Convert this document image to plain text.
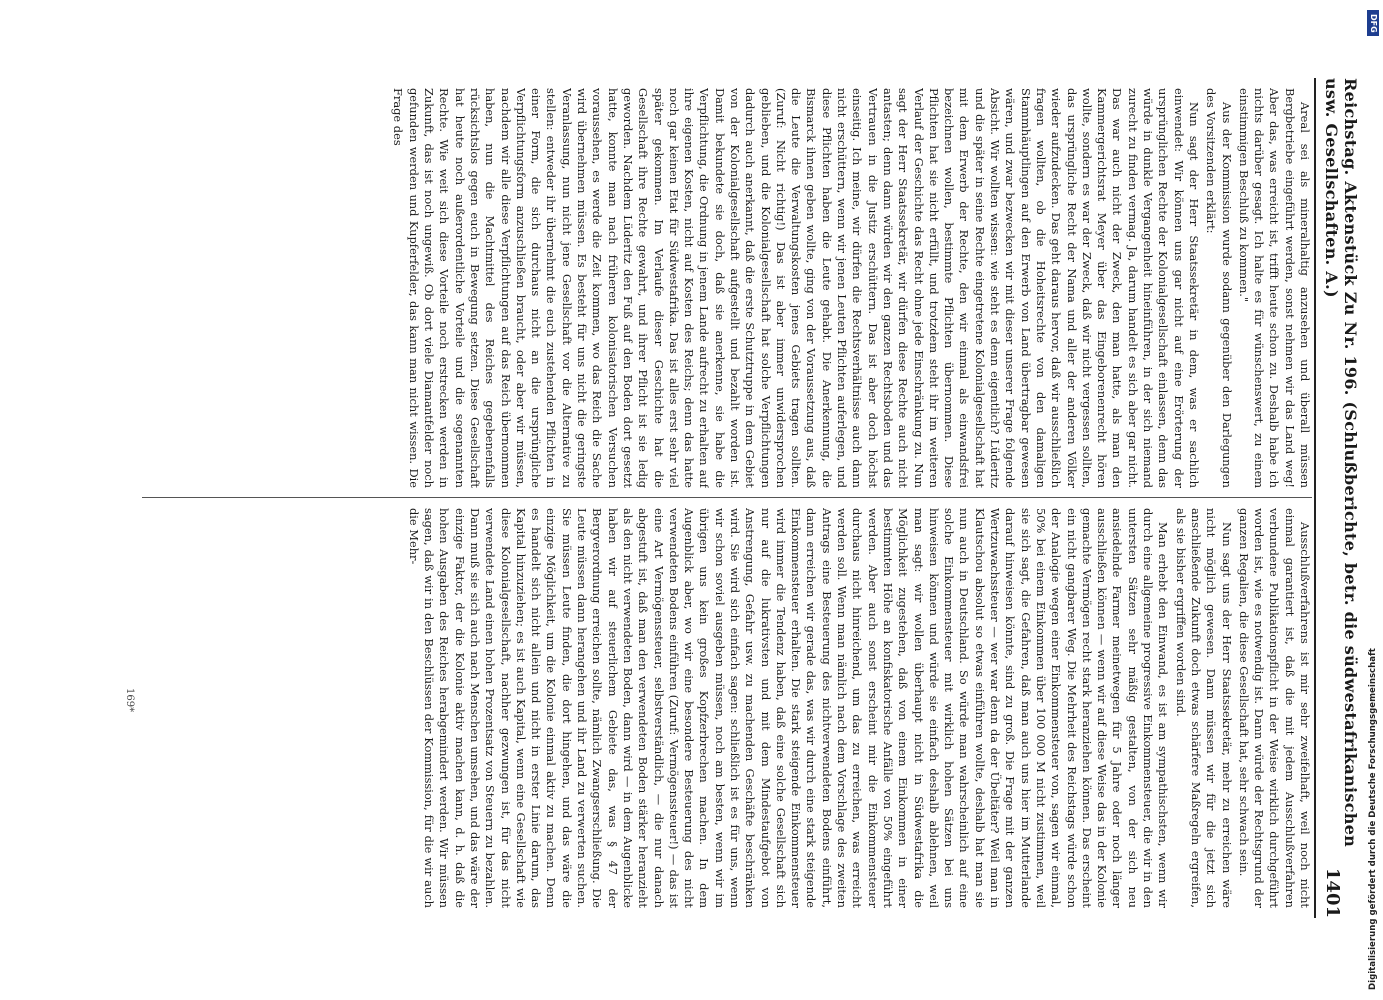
Reichstag. Aktenstück Zu Nr. 196. (Schlußberichte, betr. die südwestafrikanischen usw. Gesellschaften. A.)
1401

Areal sei als mineralhaltig anzusehen und überall müssen Bergbetriebe eingeführt werden, sonst nehmen wir das Land weg! Aber das, was erreicht ist, trifft heute schon zu. Deshalb habe ich nichts darüber gesagt. Ich halte es für wünschenswert, zu einem einstimmigen Beschluß zu kommen."

Aus der Kommission wurde sodann gegenüber den Darlegungen des Vorsitzenden erklärt:

Nun sagt der Herr Staatssekretär in dem, was er sachlich einwendet: Wir können uns gar nicht auf eine Erörterung der ursprünglichen Rechte der Kolonialgesellschaft einlassen, denn das würde in dunkle Vergangenheit hineinführen, in der sich niemand zurecht zu finden vermag. Ja, darum handelt es sich aber gar nicht. Das war auch nicht der Zweck, den man hatte, als man den Kammergerichtsrat Meyer über das Eingeborenenrecht hören wollte, sondern es war der Zweck, daß wir nicht vergessen sollten, das ursprüngliche Recht der Nama und aller der anderen Völker wieder aufzudecken. Das geht daraus hervor, daß wir ausschließlich fragen wollten, ob die Hoheitsrechte von den damaligen Stammhäuptlingen auf den Erwerb von Land übertragbar gewesen wären, und zwar bezwecken wir mit dieser unserer Frage folgende Absicht. Wir wollten wissen: wie steht es denn eigentlich? Lüderitz und die später in seine Rechte eingetretene Kolonialgesellschaft hat mit dem Erwerb der Rechte, den wir einmal als einwandsfrei bezeichnen wollen, bestimmte Pflichten übernommen. Diese Pflichten hat sie nicht erfüllt, und trotzdem steht ihr im weiteren Verlauf der Geschichte das Recht ohne jede Einschränkung zu. Nun sagt der Herr Staatssekretär, wir dürfen diese Rechte auch nicht antasten; denn dann würden wir den ganzen Rechtsboden und das Vertrauen in die Justiz erschüttern. Das ist aber doch höchst einseitig. Ich meine, wir dürfen die Rechtsverhältnisse auch dann nicht erschüttern, wenn wir jenen Leuten Pflichten auferlegen, und diese Pflichten haben die Leute gehabt. Die Anerkennung, die Bismarck ihnen geben wollte, ging von der Voraussetzung aus, daß die Leute die Verwaltungskosten jenes Gebiets tragen sollten. (Zuruf: Nicht richtig!) Das ist aber immer unwidersprochen geblieben, und die Kolonialgesellschaft hat solche Verpflichtungen dadurch auch anerkannt, daß die erste Schutztruppe in dem Gebiet von der Kolonialgesellschaft aufgestellt und bezahlt worden ist. Damit bekundete sie doch, daß sie anerkenne, sie habe die Verpflichtung, die Ordnung in jenem Lande aufrecht zu erhalten auf ihre eigenen Kosten, nicht auf Kosten des Reichs; denn das hatte noch gar keinen Etat für Südwestafrika. Das ist alles erst sehr viel später gekommen. Im Verlaufe dieser Geschichte hat die Gesellschaft ihre Rechte gewahrt, und ihrer Pflicht ist sie ledig geworden. Nachdem Lüderitz den Fuß auf den Boden dort gesetzt hatte, konnte man nach früheren kolonisatorischen Versuchen voraussehen, es werde die Zeit kommen, wo das Reich die Sache wird übernehmen müssen. Es besteht für uns nicht die geringste Veranlassung, nun nicht jene Gesellschaft vor die Alternative zu stellen: entweder ihr übernehmt die euch zustehenden Pflichten in einer Form, die sich durchaus nicht an die ursprüngliche Verpflichtungsform anzuschließen braucht, oder aber wir müssen, nachdem wir alle diese Verpflichtungen auf das Reich übernommen haben, nun die Machtmittel des Reiches gegebenenfalls rücksichtslos gegen euch in Bewegung setzen. Diese Gesellschaft hat heute noch außerordentliche Vorteile und die sogenannten Rechte. Wie weit sich diese Vorteile noch erstrecken werden in Zukunft, das ist noch ungewiß. Ob dort viele Diamantfelder noch gefunden werden und Kupferfelder, das kann man nicht wissen. Die Frage des

Ausschlußverfahrens ist mir sehr zweifelhaft, weil noch nicht einmal garantiert ist, daß die mit jedem Ausschlußverfahren verbundene Publikationspflicht in der Weise wirklich durchgeführt worden ist, wie es notwendig ist. Dann würde der Rechtsgrund der ganzen Regalien, die diese Gesellschaft hat, sehr schwach sein.

Nun sagt uns der Herr Staatssekretär, mehr zu erreichen wäre nicht möglich gewesen. Dann müssen wir für die jetzt sich anschließende Zukunft doch etwas schärfere Maßregeln ergreifen, als sie bisher ergriffen worden sind.

Man erhebt den Einwand, es ist am sympathischsten, wenn wir durch eine allgemeine progressive Einkommensteuer, die wir in den untersten Sätzen sehr mäßig gestalten, von der sich neu ansiedelnde Farmer meinetwegen für 5 Jahre oder noch länger ausschließen können — wenn wir auf diese Weise das in der Kolonie gemachte Vermögen recht stark heranziehen können. Das erscheint ein nicht gangbarer Weg. Die Mehrheit des Reichstags würde schon der Analogie wegen einer Einkommensteuer von, sagen wir einmal, 50% bei einem Einkommen über 100 000 M nicht zustimmen, weil sie sich sagt, die Gefahren, daß man auch uns hier im Mutterlande darauf hinweisen könnte, sind zu groß. Die Frage mit der ganzen Wertzuwachssteuer — wer war denn da der Übeltäter? Weil man in Klautschou absolut so etwas einführen wollte, deshalb hat man sie nun auch in Deutschland. So würde man wahrscheinlich auf eine solche Einkommensteuer mit wirklich hohen Sätzen bei uns hinweisen können und würde sie einfach deshalb ablehnen, weil man sagt: wir wollen überhaupt nicht in Südwestafrika die Möglichkeit zugestehen, daß von einem Einkommen in einer bestimmten Höhe an konfiskatorische Anfälle von 50% eingeführt werden. Aber auch sonst erscheint mir die Einkommensteuer durchaus nicht hinreichend, um das zu erreichen, was erreicht werden soll. Wenn man nämlich nach dem Vorschlage des zweiten Antrags eine Besteuerung des nichtverwendeten Bodens einführt, dann erreichen wir gerade das, was wir durch eine stark steigende Einkommensteuer erhalten. Die stark steigende Einkommensteuer wird immer die Tendenz haben, daß eine solche Gesellschaft sich nur auf die lukrativsten und mit dem Mindestaufgebot von Anstrengung, Gefahr usw. zu machenden Geschäfte beschränken wird. Sie wird sich einfach sagen: schließlich ist es für uns, wenn wir schon soviel ausgeben müssen, noch am besten, wenn wir im übrigen uns kein großes Kopfzerbrechen machen. In dem Augenblick aber, wo wir eine besondere Besteuerung des nicht verwendeten Bodens einführen (Zuruf: Vermögenssteuer!) — das ist eine Art Vermögenssteuer, selbstverständlich, — die nur danach abgestuft ist, daß man den verwendeten Boden stärker heranzieht als den nicht verwendeten Boden, dann wird — in dem Augenblicke haben wir auf steuerlichem Gebiete das, was § 47 der Bergverordnung erreichen sollte, nämlich Zwangserschließung. Die Leute müssen dann herangehen und ihr Land zu verwerten suchen. Sie müssen Leute finden, die dort hingehen, und das wäre die einzige Möglichkeit, um die Kolonie einmal aktiv zu machen. Denn es handelt sich nicht allein und nicht in erster Linie darum, das Kapital hinzuziehen; es ist auch Kapital, wenn eine Gesellschaft wie diese Kolonialgesellschaft, nachher gezwungen ist, für das nicht verwendete Land einen hohen Prozentsatz von Steuern zu bezahlen. Dann muß sie sich auch nach Menschen umsehen, und das wäre der einzige Faktor, der die Kolonie aktiv machen kann, d. h. daß die hohen Ausgaben des Reiches herabgemindert werden. Wir müssen sagen, daß wir in den Beschlüssen der Kommission, für die wir auch die Mehr-

169*
DFG
Digitalisierung gefördert durch die Deutsche Forschungsgemeinschaft
